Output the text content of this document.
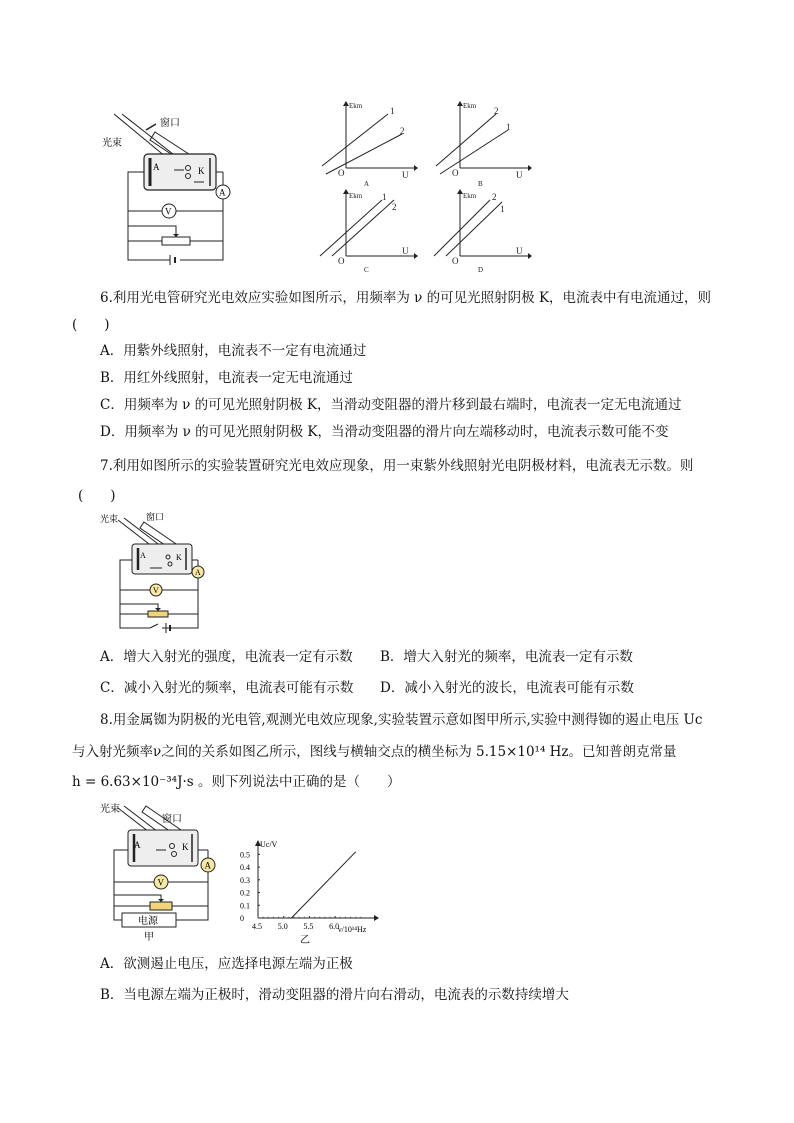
光束
窗口
A	K
A
V
Ekm	1
2
O	U
A
Ekm 2
1
O	U
B
Ekm 1
2
O
U
C
Ekm 2
1
O
U
D
6.利用光电管研究光电效应实验如图所示，用频率为 ν 的可见光照射阴极 K，电流表中有电流通过，则
(　　)
A．用紫外线照射，电流表不一定有电流通过
B．用红外线照射，电流表一定无电流通过
C．用频率为 ν 的可见光照射阴极 K，当滑动变阻器的滑片移到最右端时，电流表一定无电流通过
D．用频率为 ν 的可见光照射阴极 K，当滑动变阻器的滑片向左端移动时，电流表示数可能不变
7.利用如图所示的实验装置研究光电效应现象，用一束紫外线照射光电阴极材料，电流表无示数。则
(　　)
光束	窗口
A	K
A
V
A．增大入射光的强度，电流表一定有示数 B．增大入射光的频率，电流表一定有示数
C．减小入射光的频率，电流表可能有示数 D．减小入射光的波长，电流表可能有示数
8.用金属铷为阴极的光电管,观测光电效应现象,实验装置示意如图甲所示,实验中测得铷的遏止电压 Uc
与入射光频率ν之间的关系如图乙所示，图线与横轴交点的横坐标为 5.15×10¹⁴ Hz。已知普朗克常量
h = 6.63×10⁻³⁴J·s 。则下列说法中正确的是（　　）
光束
窗口
A	K
A
V
电源
甲
Uc/V
ν/10¹⁴Hz
乙
4.5 5.0 5.5 6.0
0
0.1
0.2
0.3
0.4
0.5
A．欲测遏止电压，应选择电源左端为正极
B．当电源左端为正极时，滑动变阻器的滑片向右滑动，电流表的示数持续增大
